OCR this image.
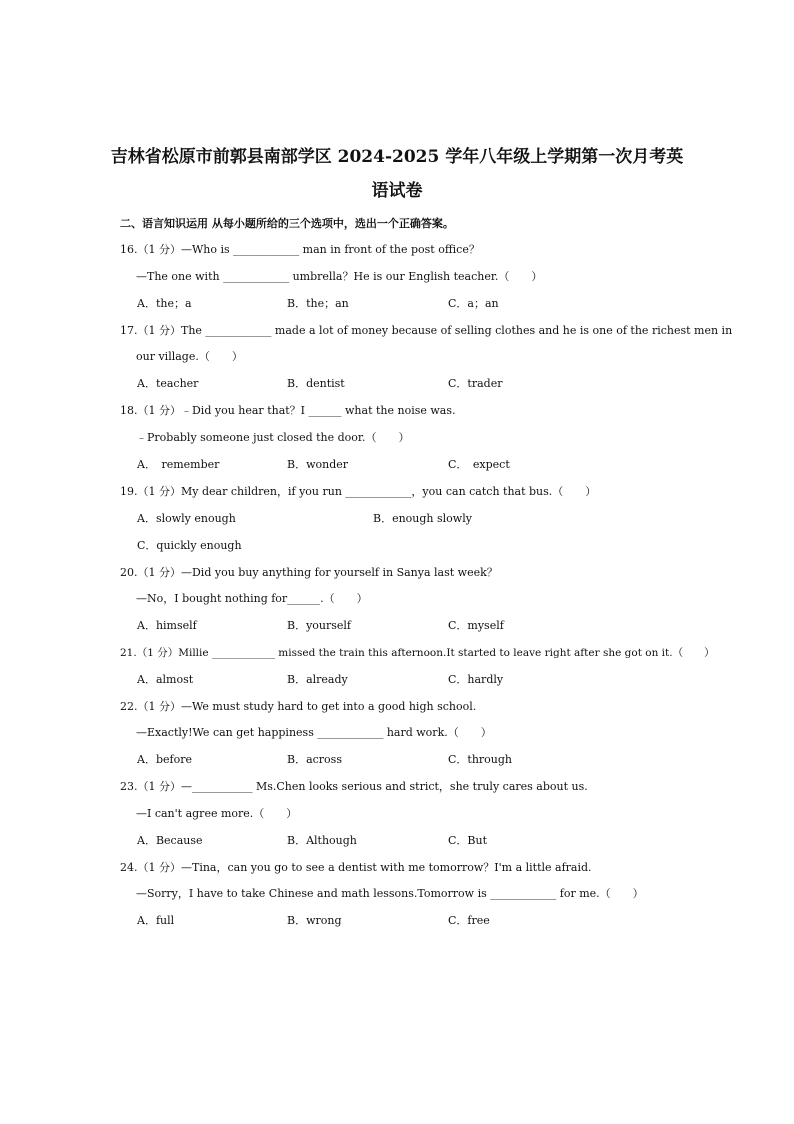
吉林省松原市前郭县南部学区 2024-2025 学年八年级上学期第一次月考英
语试卷
二、语言知识运用 从每小题所给的三个选项中，选出一个正确答案。
16.（1 分）—Who is ____________ man in front of the post office？
—The one with ____________ umbrella？He is our English teacher.（　　）
A．the；a	B．the；an	C．a；an
17.（1 分）The ____________ made a lot of money because of selling clothes and he is one of the richest men in
our village.（　　）
A．teacher	B．dentist	C．trader
18.（1 分）﹣Did you hear that？I ______ what the noise was.
﹣Probably someone just closed the door.（　　）
A．　remember	B．wonder	C．　expect
19.（1 分）My dear children，if you run ____________，you can catch that bus.（　　）
A．slowly enough	B．enough slowly
C．quickly enough
20.（1 分）—Did you buy anything for yourself in Sanya last week？
—No，I bought nothing for______.（　　）
A．himself	B．yourself	C．myself
21.（1 分）Millie ____________ missed the train this afternoon.It started to leave right after she got on it.（　　）
A．almost	B．already	C．hardly
22.（1 分）—We must study hard to get into a good high school.
—Exactly!We can get happiness ____________ hard work.（　　）
A．before	B．across	C．through
23.（1 分）—___________ Ms.Chen looks serious and strict，she truly cares about us.
—I can't agree more.（　　）
A．Because	B．Although	C．But
24.（1 分）—Tina，can you go to see a dentist with me tomorrow？I'm a little afraid.
—Sorry，I have to take Chinese and math lessons.Tomorrow is ____________ for me.（　　）
A．full	B．wrong	C．free
